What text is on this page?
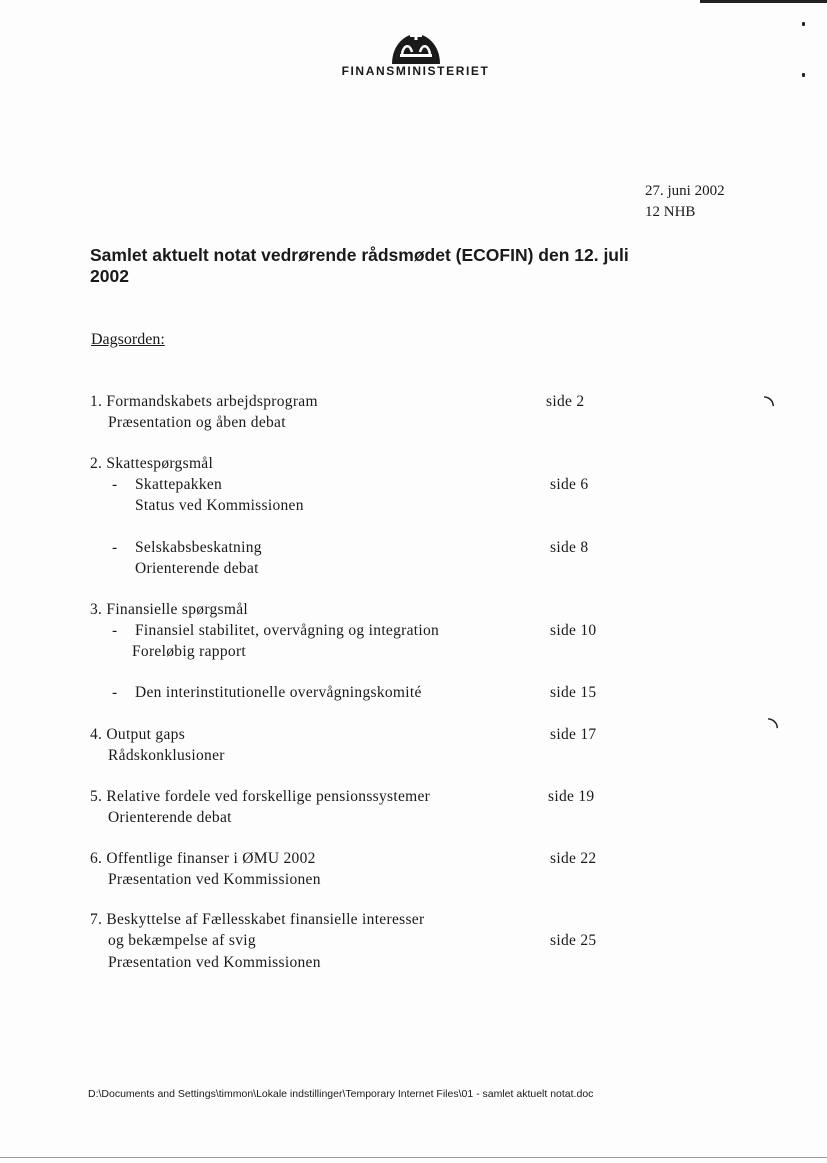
◝
◝
FINANSMINISTERIET
27. juni 2002
12 NHB
Samlet aktuelt notat vedrørende rådsmødet (ECOFIN) den 12. juli 2002
Dagsorden:
1. Formandskabets arbejdsprogram
Præsentation og åben debat
side 2
2. Skattespørgsmål
- Skattepakken
Status ved Kommissionen
side 6
- Selskabsbeskatning
Orienterende debat
side 8
3. Finansielle spørgsmål
- Finansiel stabilitet, overvågning og integration
Foreløbig rapport
side 10
- Den interinstitutionelle overvågningskomité	side 15
4. Output gaps
Rådskonklusioner
side 17
5. Relative fordele ved forskellige pensionssystemer
Orienterende debat
side 19
6. Offentlige finanser i ØMU 2002
Præsentation ved Kommissionen
side 22
7. Beskyttelse af Fællesskabet finansielle interesser
og bekæmpelse af svig
Præsentation ved Kommissionen
side 25
D:\Documents and Settings\timmon\Lokale indstillinger\Temporary Internet Files\01 - samlet aktuelt notat.doc
